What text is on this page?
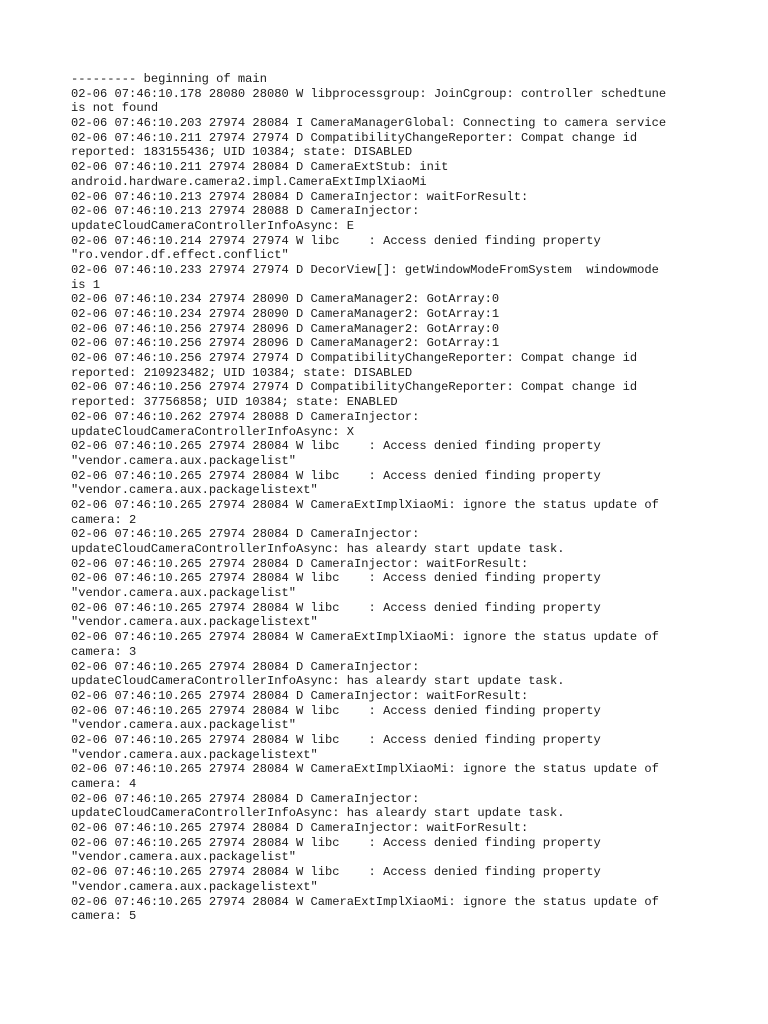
--------- beginning of main
02-06 07:46:10.178 28080 28080 W libprocessgroup: JoinCgroup: controller schedtune
is not found
02-06 07:46:10.203 27974 28084 I CameraManagerGlobal: Connecting to camera service
02-06 07:46:10.211 27974 27974 D CompatibilityChangeReporter: Compat change id
reported: 183155436; UID 10384; state: DISABLED
02-06 07:46:10.211 27974 28084 D CameraExtStub: init
android.hardware.camera2.impl.CameraExtImplXiaoMi
02-06 07:46:10.213 27974 28084 D CameraInjector: waitForResult:
02-06 07:46:10.213 27974 28088 D CameraInjector:
updateCloudCameraControllerInfoAsync: E
02-06 07:46:10.214 27974 27974 W libc    : Access denied finding property
"ro.vendor.df.effect.conflict"
02-06 07:46:10.233 27974 27974 D DecorView[]: getWindowModeFromSystem  windowmode
is 1
02-06 07:46:10.234 27974 28090 D CameraManager2: GotArray:0
02-06 07:46:10.234 27974 28090 D CameraManager2: GotArray:1
02-06 07:46:10.256 27974 28096 D CameraManager2: GotArray:0
02-06 07:46:10.256 27974 28096 D CameraManager2: GotArray:1
02-06 07:46:10.256 27974 27974 D CompatibilityChangeReporter: Compat change id
reported: 210923482; UID 10384; state: DISABLED
02-06 07:46:10.256 27974 27974 D CompatibilityChangeReporter: Compat change id
reported: 37756858; UID 10384; state: ENABLED
02-06 07:46:10.262 27974 28088 D CameraInjector:
updateCloudCameraControllerInfoAsync: X
02-06 07:46:10.265 27974 28084 W libc    : Access denied finding property
"vendor.camera.aux.packagelist"
02-06 07:46:10.265 27974 28084 W libc    : Access denied finding property
"vendor.camera.aux.packagelistext"
02-06 07:46:10.265 27974 28084 W CameraExtImplXiaoMi: ignore the status update of
camera: 2
02-06 07:46:10.265 27974 28084 D CameraInjector:
updateCloudCameraControllerInfoAsync: has aleardy start update task.
02-06 07:46:10.265 27974 28084 D CameraInjector: waitForResult:
02-06 07:46:10.265 27974 28084 W libc    : Access denied finding property
"vendor.camera.aux.packagelist"
02-06 07:46:10.265 27974 28084 W libc    : Access denied finding property
"vendor.camera.aux.packagelistext"
02-06 07:46:10.265 27974 28084 W CameraExtImplXiaoMi: ignore the status update of
camera: 3
02-06 07:46:10.265 27974 28084 D CameraInjector:
updateCloudCameraControllerInfoAsync: has aleardy start update task.
02-06 07:46:10.265 27974 28084 D CameraInjector: waitForResult:
02-06 07:46:10.265 27974 28084 W libc    : Access denied finding property
"vendor.camera.aux.packagelist"
02-06 07:46:10.265 27974 28084 W libc    : Access denied finding property
"vendor.camera.aux.packagelistext"
02-06 07:46:10.265 27974 28084 W CameraExtImplXiaoMi: ignore the status update of
camera: 4
02-06 07:46:10.265 27974 28084 D CameraInjector:
updateCloudCameraControllerInfoAsync: has aleardy start update task.
02-06 07:46:10.265 27974 28084 D CameraInjector: waitForResult:
02-06 07:46:10.265 27974 28084 W libc    : Access denied finding property
"vendor.camera.aux.packagelist"
02-06 07:46:10.265 27974 28084 W libc    : Access denied finding property
"vendor.camera.aux.packagelistext"
02-06 07:46:10.265 27974 28084 W CameraExtImplXiaoMi: ignore the status update of
camera: 5
